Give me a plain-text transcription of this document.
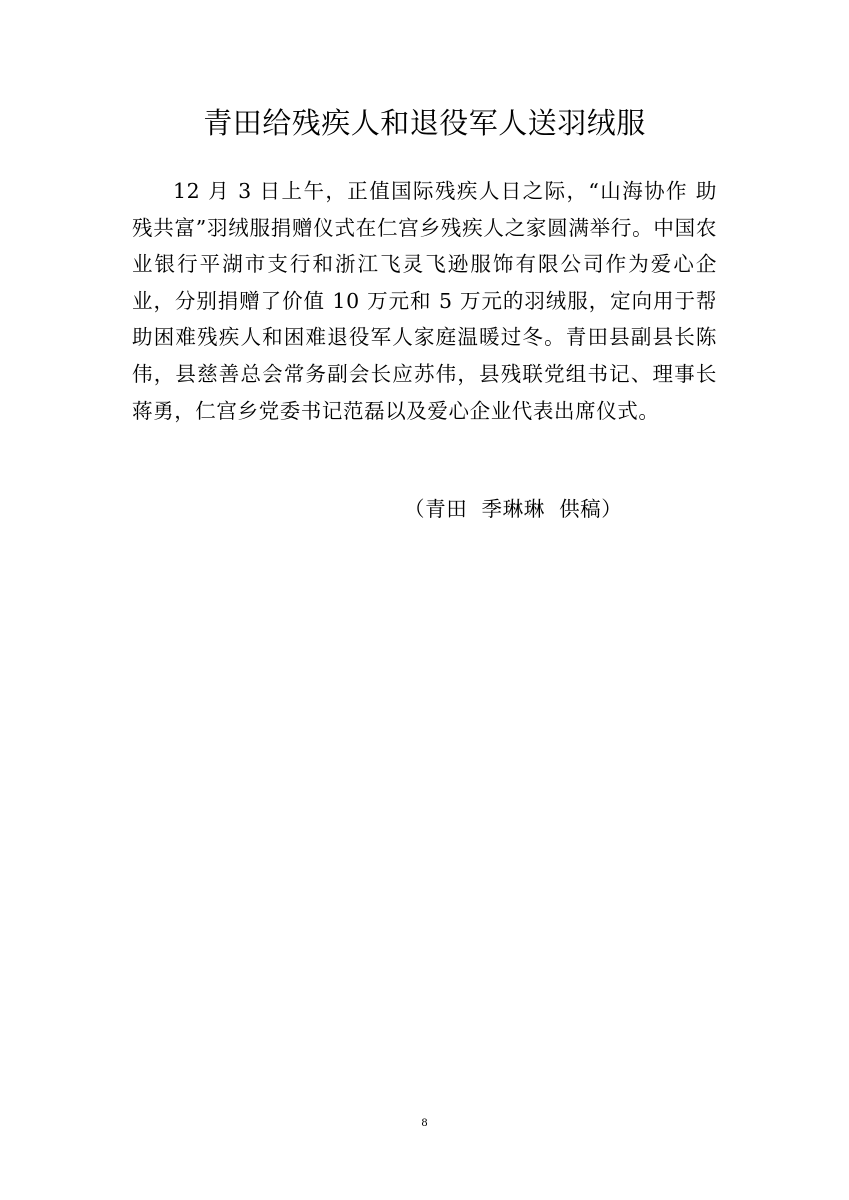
青田给残疾人和退役军人送羽绒服

12 月 3 日上午，正值国际残疾人日之际，“山海协作 助残共富”羽绒服捐赠仪式在仁宫乡残疾人之家圆满举行。中国农业银行平湖市支行和浙江飞灵飞逊服饰有限公司作为爱心企业，分别捐赠了价值 10 万元和 5 万元的羽绒服，定向用于帮助困难残疾人和困难退役军人家庭温暖过冬。青田县副县长陈伟，县慈善总会常务副会长应苏伟，县残联党组书记、理事长蒋勇，仁宫乡党委书记范磊以及爱心企业代表出席仪式。

（青田  季琳琳  供稿）
8
